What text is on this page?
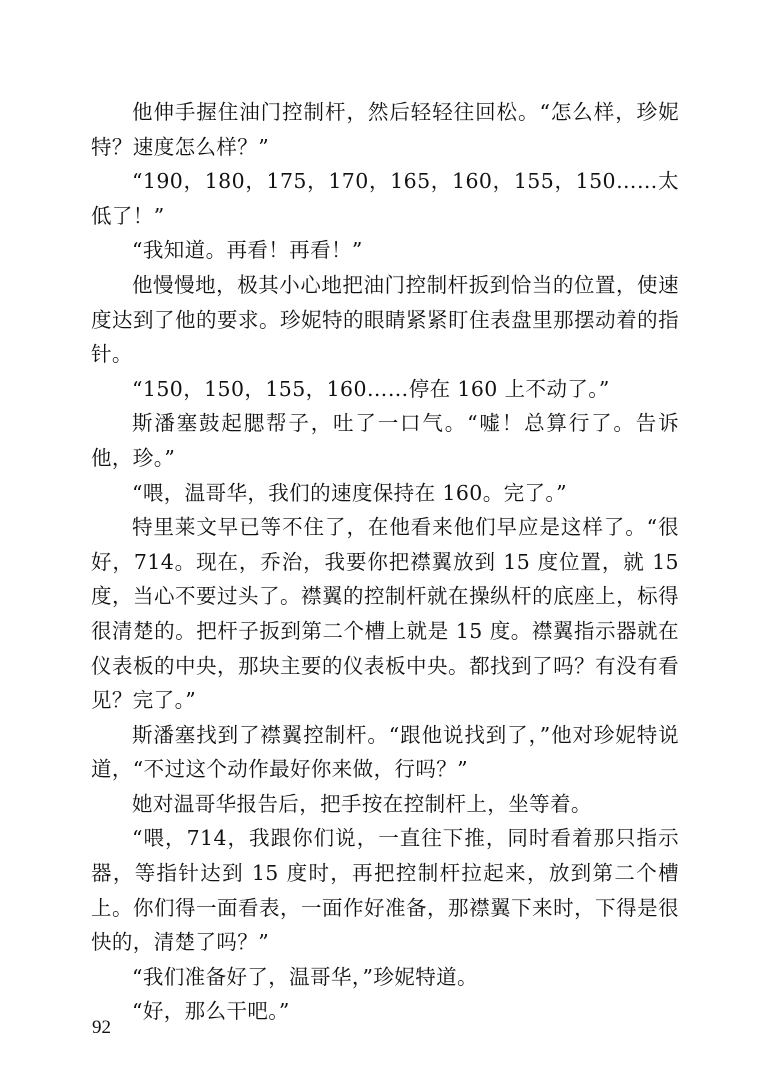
他伸手握住油门控制杆，然后轻轻往回松。“怎么样，珍妮特？速度怎么样？”

“190，180，175，170，165，160，155，150……太低了！”

“我知道。再看！再看！”

他慢慢地，极其小心地把油门控制杆扳到恰当的位置，使速度达到了他的要求。珍妮特的眼睛紧紧盯住表盘里那摆动着的指针。

“150，150，155，160……停在 160 上不动了。”

斯潘塞鼓起腮帮子，吐了一口气。“嘘！总算行了。告诉他，珍。”

“喂，温哥华，我们的速度保持在 160。完了。”

特里莱文早已等不住了，在他看来他们早应是这样了。“很好，714。现在，乔治，我要你把襟翼放到 15 度位置，就 15 度，当心不要过头了。襟翼的控制杆就在操纵杆的底座上，标得很清楚的。把杆子扳到第二个槽上就是 15 度。襟翼指示器就在仪表板的中央，那块主要的仪表板中央。都找到了吗？有没有看见？完了。”

斯潘塞找到了襟翼控制杆。“跟他说找到了，”他对珍妮特说道，“不过这个动作最好你来做，行吗？”

她对温哥华报告后，把手按在控制杆上，坐等着。

“喂，714，我跟你们说，一直往下推，同时看着那只指示器，等指针达到 15 度时，再把控制杆拉起来，放到第二个槽上。你们得一面看表，一面作好准备，那襟翼下来时，下得是很快的，清楚了吗？”

“我们准备好了，温哥华，”珍妮特道。

“好，那么干吧。”

92
